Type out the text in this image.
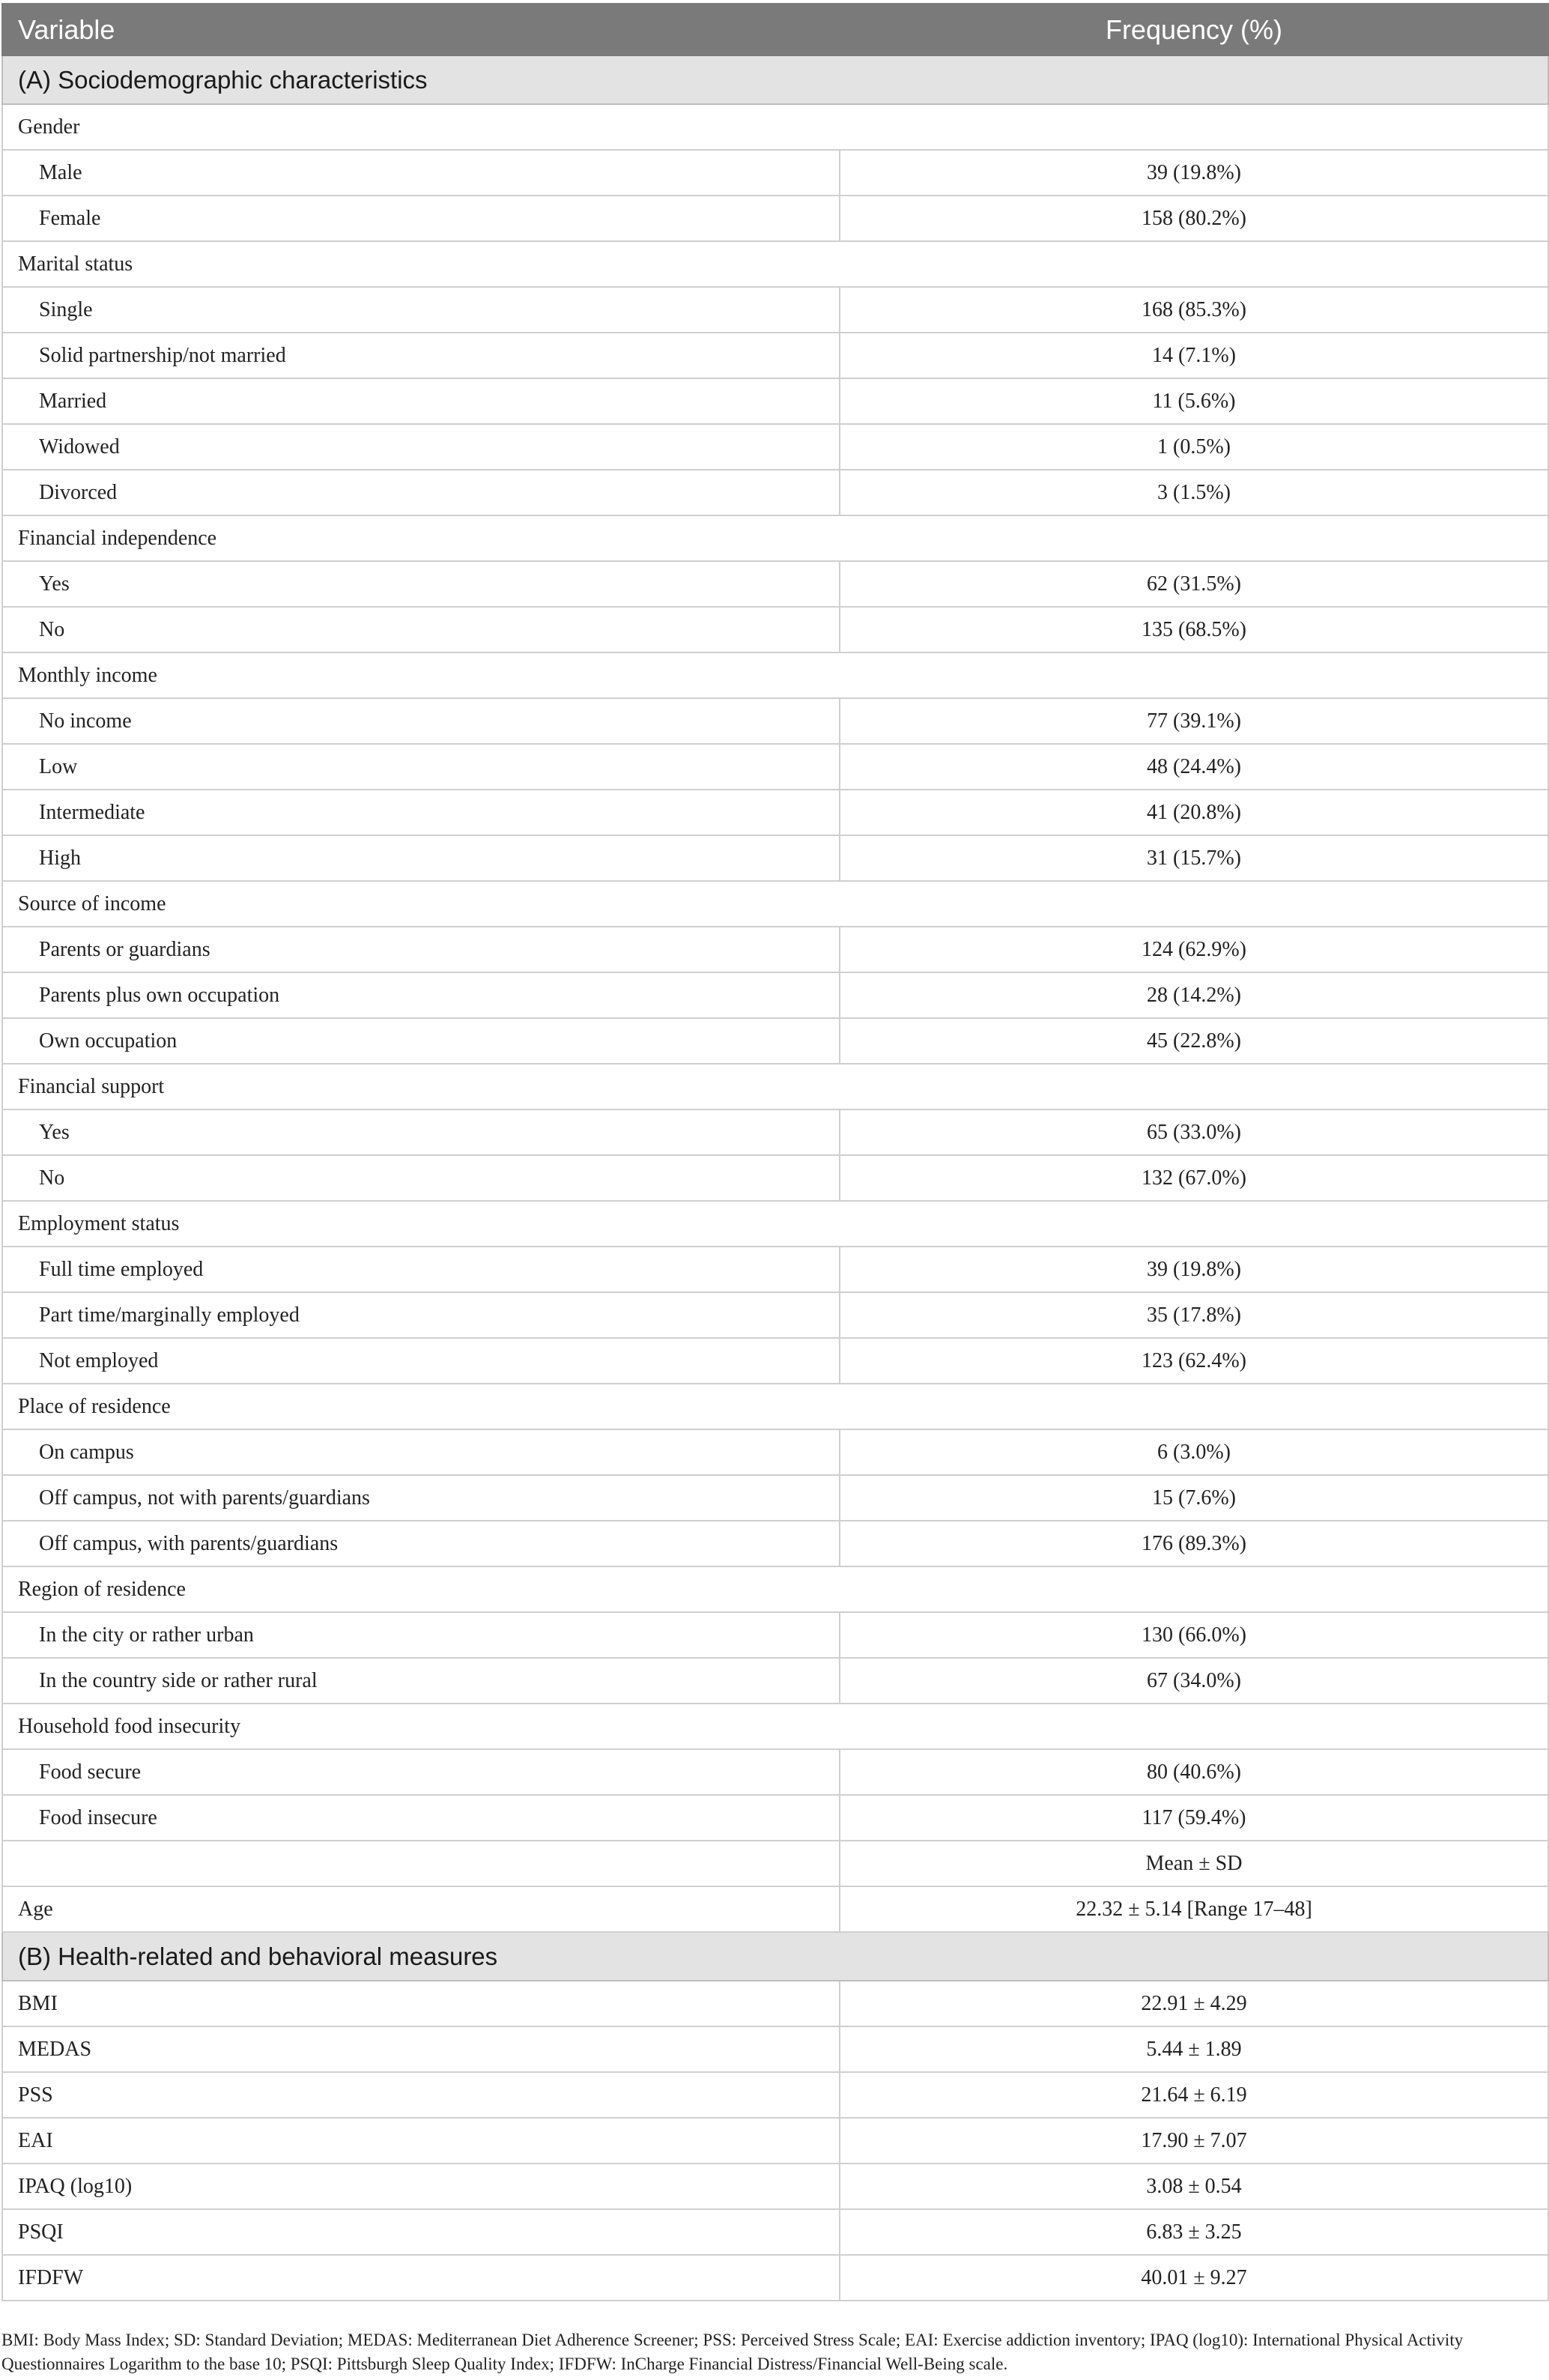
Variable	Frequency (%)
(A) Sociodemographic characteristics	
Gender	
Male	39 (19.8%)
Female	158 (80.2%)
Marital status	
Single	168 (85.3%)
Solid partnership/not married	14 (7.1%)
Married	11 (5.6%)
Widowed	1 (0.5%)
Divorced	3 (1.5%)
Financial independence	
Yes	62 (31.5%)
No	135 (68.5%)
Monthly income	
No income	77 (39.1%)
Low	48 (24.4%)
Intermediate	41 (20.8%)
High	31 (15.7%)
Source of income	
Parents or guardians	124 (62.9%)
Parents plus own occupation	28 (14.2%)
Own occupation	45 (22.8%)
Financial support	
Yes	65 (33.0%)
No	132 (67.0%)
Employment status	
Full time employed	39 (19.8%)
Part time/marginally employed	35 (17.8%)
Not employed	123 (62.4%)
Place of residence	
On campus	6 (3.0%)
Off campus, not with parents/guardians	15 (7.6%)
Off campus, with parents/guardians	176 (89.3%)
Region of residence	
In the city or rather urban	130 (66.0%)
In the country side or rather rural	67 (34.0%)
Household food insecurity	
Food secure	80 (40.6%)
Food insecure	117 (59.4%)
	Mean ± SD
Age	22.32 ± 5.14 [Range 17–48]
(B) Health-related and behavioral measures	
BMI	22.91 ± 4.29
MEDAS	5.44 ± 1.89
PSS	21.64 ± 6.19
EAI	17.90 ± 7.07
IPAQ (log10)	3.08 ± 0.54
PSQI	6.83 ± 3.25
IFDFW	40.01 ± 9.27
BMI: Body Mass Index; SD: Standard Deviation; MEDAS: Mediterranean Diet Adherence Screener; PSS: Perceived Stress Scale; EAI: Exercise addiction inventory; IPAQ (log10): International Physical Activity Questionnaires Logarithm to the base 10; PSQI: Pittsburgh Sleep Quality Index; IFDFW: InCharge Financial Distress/Financial Well-Being scale.
